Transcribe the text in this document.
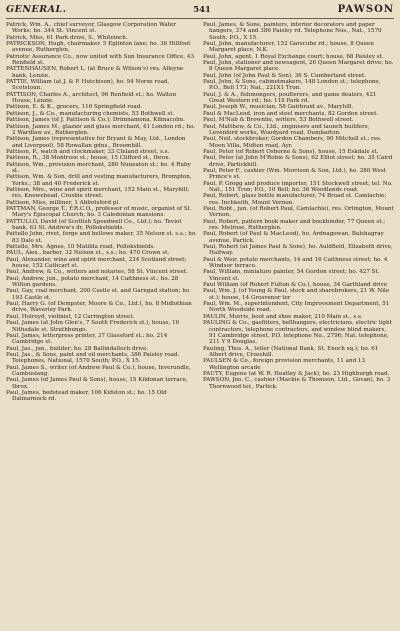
GENERAL.	541	PAWSON

Patrick, Wm. A., chief surveyor, Glasgow Corporation Water Works; bo. 344 St. Vincent st.

Patrick, Miss, 61 Park drive, S., Whiteinch.

PATRICKSON, Hugh, chairmaker, 5 Eglinton lane; ho. 36 Hillfoot avenue, Rutherglen.

Patriotic Assurance Co., now united with Sun Insurance Office, 43 Renfield st.

PATTENHAUSEN, Robert L. (at Bruce & Wilson's) res. Alleyne bank, Lenzie.

PATTIE, William (at J. & P. Hutchison), ho. 94 Norse road, Scotstoun.

PATTISON, Charles A., architect, 96 Renfield st.; ho. Walton House, Lenzie.

Pattison, E. & K., grocers, 116 Springfield road.

Pattison, J., & Co., manufacturing chemists, 53 Bothwell st.

Pattison, James (of J. Pattison & Co.); Drimnamona, Kilmacolm.

Pattison, James M., glazier and glass merchant, 41 London rd.; ho. 2 Wardlaw av., Rutherglen.

Pattison, James (representative for Bryant & May, Ltd., London and Liverpool), 58 Rowallan gdns., Broomhill.

Pattison, P., watch and clockmaker, 33 Cleland street, s.s.

Pattison, R., 38 Montrose st.; house, 15 Clifford st., Ibrox.

Pattison, Wm., provision merchant, 280 Nuneaton st.; ho. 4 Ruby st.

Pattison, Wm. & Son, drill and vesting manufacturers, Brompton, Yorks.; 38 and 40 Frederick st.

Pattison, Mrs., wine and spirit merchant, 152 Main st., Maryhill; res. Knowehead, Crosbie street.

Pattison, Miss, milliner, 1 Abbotsford pl.

PATTMAN, George T., F.R.C.O., professor of music, organist of St. Mary's Episcopal Church; ho. 3 Caledonian mansions.

PATTULLO, David (of Scottish Speedwell Co., Ltd.); ho. Teviot bank, 63 St. Andrew's dr, Pollokshields.

Pattullo John, rivet, forge and bellows maker, 35 Nelson st. s.s.; ho. 83 Dale st.

Pattullo, Mrs. Agnes, 10 Matilda road, Pollokshields.

PAUL, Alex., barber, 32 Nelson st., s.s.; ho. 470 Crown st.

Paul, Alexander, wine and spirit merchant, 234 Scotland street; house, 152 Cathcart st.

Paul, Andrew, & Co., writers and notaries, 58 St. Vincent street.

Paul, Andrew, jun., potato merchant, 14 Caithness st.; ho. 28 Wilton gardens.

Paul, Gay, coal merchant, 200 Castle st. and Garngad station; ho. 193 Castle st.

Paul, Harry G. (of Dempster, Moore & Co., Ltd.), ho. 8 Midlothian drive, Waverley Park.

Paul, Holroyd, violinist, 12 Carrington street.

Paul, James (at John Glen's, 7 South Frederick st.), house, 16 Nithsdale st. Strathbungo.

Paul, James, letterpress printer, 37 Glassford st.; ho. 214 Cambridge st.

Paul, Jas., jun., builder; ho. 28 Ballindalloch drive.

Paul, Jas., & Sons, paint and oil merchants, 386 Paisley road. Telephones, National, 1570 South; P.O., X 15.

Paul, James S., writer (of Andrew Paul & Co.), house, Inverundle, Cambuslang.

Paul, James (of James Paul & Sons), house, 15 Kildonan terrace, Ibrox.

Paul, James, bedstead maker, 106 Kidston st.; ho. 15 Old Dalmarnock rd.

Paul, James, & Sons, painters, interior decorators and paper hangers, 374 and 386 Paisley rd. Telephone Nos., Nat., 1570 South; P.O., X 15.

Paul, John, manufacturer, 152 Garscube rd.; house, 8 Queen Margaret place, N.K.

Paul, John, agent, 1 Royal Exchange court; house, 68 Paisley st.

Paul, John, stationer and newsagent, 26 Queen Margaret drive; ho. 8 Queen Margaret place.

Paul, John (of John Paul & Son), 36 S. Cumberland street.

Paul, John, & Sons, cabinetmakers, 148 London st.; telephone, P.O., Bell 173; Nat., 221X1 Tron.

Paul, J. & A., fishmongers, poulterers, and game dealers, 421 Great Western rd.; ho. 118 Park rd.

Paul, Joseph W., musician, 58 Gairbraid av., Maryhill.

Paul & MacLeod, iron and steel merchants, 82 Gordon street.

Paul, M'Nab & Brownlie, writers, 53 Bothwell street.

Paul, Matthew, & Co., Ltd., engineers and launch builders, Levenford works, Woodyard road, Dumbarton.

Paul, Neil, stockbroker, Gordon Chambers, 90 Mitchell st.; res. Moon Villa, Midton road, Ayr.

Paul, Peter (of Robert Osborne & Sons), house, 15 Eskdale st.

Paul, Peter (at John M'Robie & Sons), 62 Elliot street; ho. 35 Caird drive, Partickhill.

Paul, Peter F., cashier (Wm. Morrison & Son, Ltd.), ho. 280 West Prince's st.

Paul, P. Gregg and produce importer, 151 Stockwell street; tel. No. Nat., 151 Tron; P.O., 10 Bell; ho. 36 Woodlands road.

Paul, Robert, glass bottle manufacturer, 74 Broad st. Camlachie; res. Inchkeith, Mount Vernon.

Paul, Robt., jun. (of Robert Paul, Camlachie), res. Orlington, Mount Vernon.

Paul, Robert, pattern book maker and bookbinder, 77 Queen st.; res. Melrose, Rutherglen.

Paul, Robert (of Paul & MacLeod), ho. Ardnagowan, Balshagray avenue, Partick.

Paul, Robert (at James Paul & Sons), ho. Auldfield, Elizabeth drive, Halfway.

Paul & Weir, potato merchants, 14 and 16 Caithness street; ho. 4 Windsor terrace.

Paul, William, miniature painter, 54 Gordon street; ho. 427 St. Vincent st.

Paul William (of Robert Fulton & Co.), house, 34 Garthland drive

Paul, Wm. J. (of Young & Paul, stock and sharebrokers, 21 W. Nile st.); house, 14 Grosvenor ter

Paul, Wm. M., superintendent, City Improvement Department, 51 North Woodside road.

PAULIN, Morris, boot and shoe maker, 210 Main st., s.s.

PAULING & Co., gasfitters, bellhangers, electricians, electric light contractors, telephone contractors, and window blind makers, 91 Cambridge street. P.O. telephone No., 2796; Nat. telephone, 211 Y 9 Douglas.

Pauling, Thos. A., teller (National Bank, St. Enoch sq.); ho. 61 Albert drive, Crosshill.

PAULSEN & Co., foreign provision merchants, 11 and 13 Wellington arcade

PAUTY, Eugene (at W. R. Heatley & Jack), ho. 23 Highburgh road.

PAWSON, Jno. C., cashier (Mackie & Thomson, Ltd., Govan), ho. 3 Thornwood ter., Partick.
